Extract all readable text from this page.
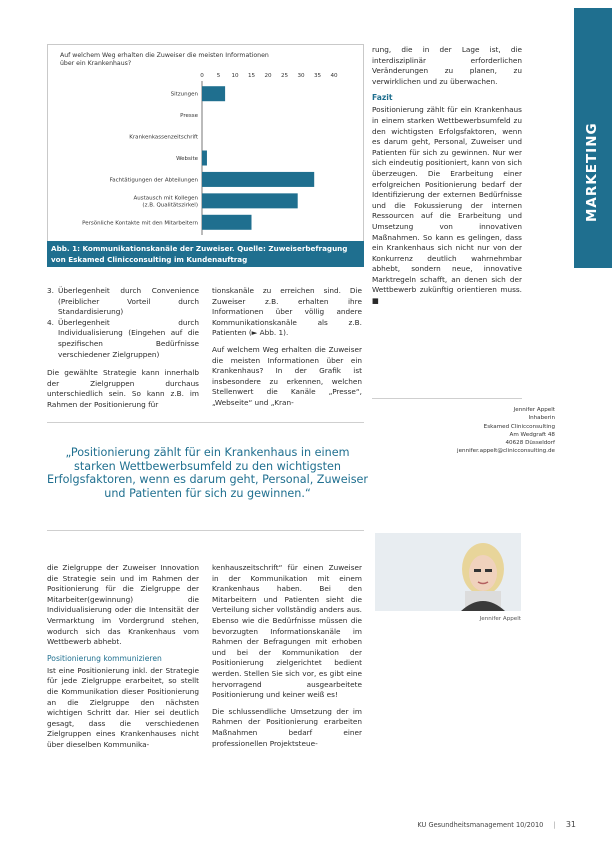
MARKETING
Auf welchem Weg erhalten die Zuweiser die meisten Informationen
über ein Krankenhaus?
0 5 10 15 20 25 30 35 40
Sitzungen
Presse
Krankenkassenzeitschrift
Website
Fachtätigungen der Abteilungen
Austausch mit Kollegen
(z.B. Qualitätszirkel)
Persönliche Kontakte mit den Mitarbeitern
Abb. 1: Kommunikationskanäle der Zuweiser. Quelle: Zuweiserbefragung von Eskamed Clinicconsulting im Kundenauftrag
3. Überlegenheit durch Convenience (Preiblicher Vorteil durch Standardisierung)
4. Überlegenheit durch Individualisierung (Eingehen auf die spezifischen Bedürfnisse verschiedener Zielgruppen)

Die gewählte Strategie kann innerhalb der Zielgruppen durchaus unterschiedlich sein. So kann z.B. im Rahmen der Positionierung für

tionskanäle zu erreichen sind. Die Zuweiser z.B. erhalten ihre Informationen über völlig andere Kommunikationskanäle als z.B. Patienten (► Abb. 1).

Auf welchem Weg erhalten die Zuweiser die meisten Informationen über ein Krankenhaus? In der Grafik ist insbesondere zu erkennen, welchen Stellenwert die Kanäle „Presse“, „Webseite“ und „Kran-

rung, die in der Lage ist, die interdisziplinär erforderlichen Veränderungen zu planen, zu verwirklichen und zu überwachen.

Fazit

Positionierung zählt für ein Krankenhaus in einem starken Wettbewerbsumfeld zu den wichtigsten Erfolgsfaktoren, wenn es darum geht, Personal, Zuweiser und Patienten für sich zu gewinnen. Nur wer sich eindeutig positioniert, kann von sich überzeugen. Die Erarbeitung einer erfolgreichen Positionierung bedarf der Identifizierung der externen Bedürfnisse und die Fokussierung der internen Ressourcen auf die Erarbeitung und Umsetzung von innovativen Maßnahmen. So kann es gelingen, dass ein Krankenhaus sich nicht nur von der Konkurrenz deutlich wahrnehmbar abhebt, sondern neue, innovative Marktregeln schafft, an denen sich der Wettbewerb zukünftig orientieren muss. ■

Jennifer Appelt
Inhaberin
Eskamed Clinicconsulting
Am Wedgraft 48
40628 Düsseldorf
jennifer.appelt@clinicconsulting.de
„Positionierung zählt für ein Krankenhaus in einem starken Wettbewerbsumfeld zu den wichtigsten Erfolgsfaktoren, wenn es darum geht, Personal, Zuweiser und Patienten für sich zu gewinnen.“
Jennifer Appelt

die Zielgruppe der Zuweiser Innovation die Strategie sein und im Rahmen der Positionierung für die Zielgruppe der Mitarbeiter(gewinnung) die Individualisierung oder die Intensität der Vermarktung im Vordergrund stehen, wodurch sich das Krankenhaus vom Wettbewerb abhebt.

Positionierung kommunizieren

Ist eine Positionierung inkl. der Strategie für jede Zielgruppe erarbeitet, so stellt die Kommunikation dieser Positionierung an die Zielgruppe den nächsten wichtigen Schritt dar. Hier sei deutlich gesagt, dass die verschiedenen Zielgruppen eines Krankenhauses nicht über dieselben Kommunika-

kenhauszeitschrift“ für einen Zuweiser in der Kommunikation mit einem Krankenhaus haben. Bei den Mitarbeitern und Patienten sieht die Verteilung sicher vollständig anders aus. Ebenso wie die Bedürfnisse müssen die bevorzugten Informationskanäle im Rahmen der Befragungen mit erhoben und bei der Kommunikation der Positionierung zielgerichtet bedient werden. Stellen Sie sich vor, es gibt eine hervorragend ausgearbeitete Positionierung und keiner weiß es!

Die schlussendliche Umsetzung der im Rahmen der Positionierung erarbeiten Maßnahmen bedarf einer professionellen Projektsteue-

KU Gesundheitsmanagement 10/2010 | 31
